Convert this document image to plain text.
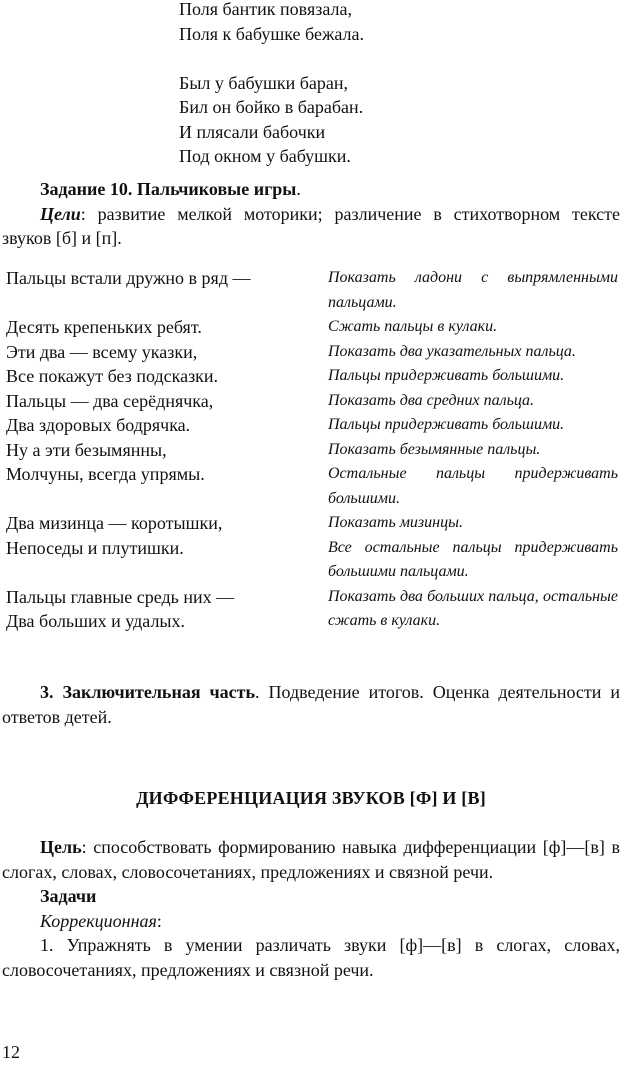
Поля бантик повязала,
Поля к бабушке бежала.
Был у бабушки баран,
Бил он бойко в барабан.
И плясали бабочки
Под окном у бабушки.

Задание 10. Пальчиковые игры.

Цели: развитие мелкой моторики; различение в стихотворном тексте звуков [б] и [п].

Пальцы встали дружно в ряд —	Показать ладони с выпрямленными пальцами.

Десять крепеньких ребят.	Сжать пальцы в кулаки.

Эти два — всему указки,	Показать два указательных пальца.

Все покажут без подсказки.	Пальцы придерживать большими.

Пальцы — два серёднячка,	Показать два средних пальца.

Два здоровых бодрячка.	Пальцы придерживать большими.

Ну а эти безымянны,	Показать безымянные пальцы.

Молчуны, всегда упрямы.	Остальные пальцы придерживать большими.

Два мизинца — коротышки,	Показать мизинцы.

Непоседы и плутишки.	Все остальные пальцы придерживать большими пальцами.

Пальцы главные средь них —
Два больших и удалых.	Показать два больших пальца, остальные сжать в кулаки.

3. Заключительная часть. Подведение итогов. Оценка деятельности и ответов детей.

ДИФФЕРЕНЦИАЦИЯ ЗВУКОВ [Ф] И [В]

Цель: способствовать формированию навыка дифференциации [ф]—[в] в слогах, словах, словосочетаниях, предложениях и связной речи.

Задачи

Коррекционная:

1. Упражнять в умении различать звуки [ф]—[в] в слогах, словах, словосочетаниях, предложениях и связной речи.

12
